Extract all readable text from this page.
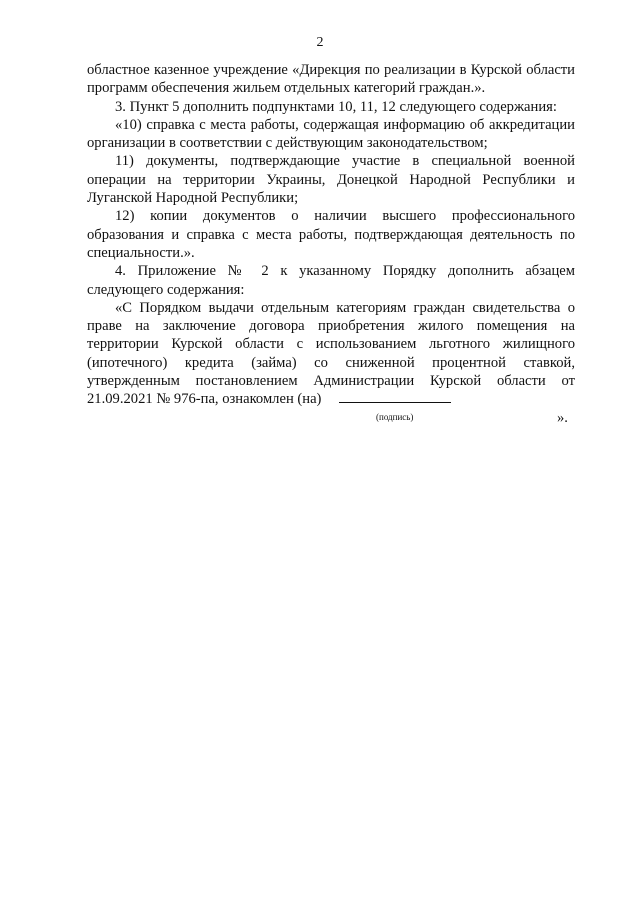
2

областное казенное учреждение «Дирекция по реализации в Курской области программ обеспечения жильем отдельных категорий граждан.».

3. Пункт 5 дополнить подпунктами 10, 11, 12 следующего содержания:

«10) справка с места работы, содержащая информацию об аккредитации организации в соответствии с действующим законодательством;

11) документы, подтверждающие участие в специальной военной операции на территории Украины, Донецкой Народной Республики и Луганской Народной Республики;

12) копии документов о наличии высшего профессионального образования и справка с места работы, подтверждающая деятельность по специальности.».

4. Приложение № 2 к указанному Порядку дополнить абзацем следующего содержания:

«С Порядком выдачи отдельным категориям граждан свидетельства о праве на заключение договора приобретения жилого помещения на территории Курской области с использованием льготного жилищного (ипотечного) кредита (займа) со сниженной процентной ставкой, утвержденным постановлением Администрации Курской области от 21.09.2021 № 976-па, ознакомлен (на)

(подпись)	».
